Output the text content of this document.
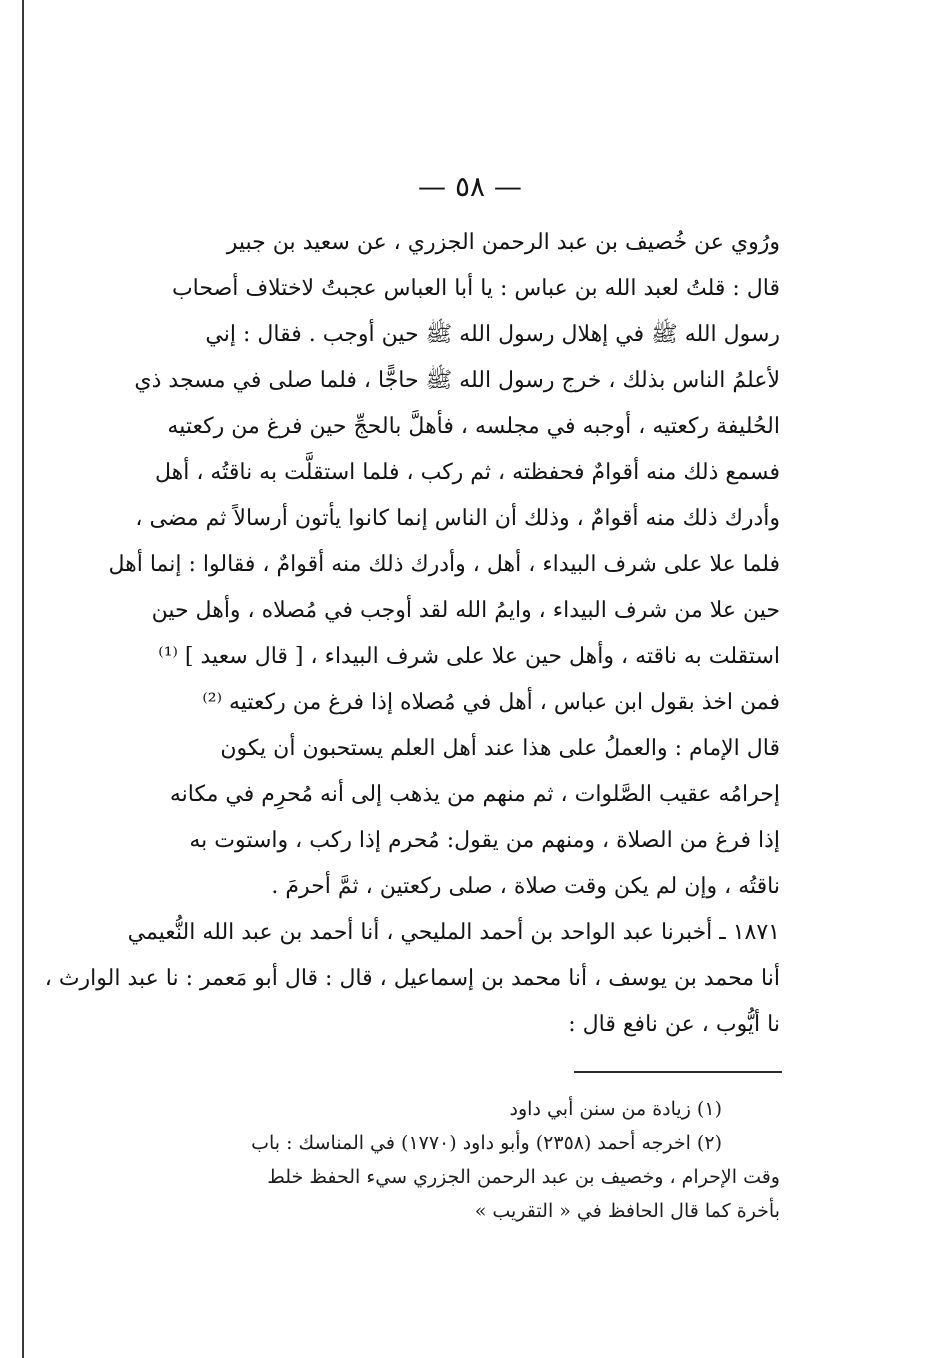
— ٥٨ —
ورُوي عن خُصيف بن عبد الرحمن الجزري ، عن سعيد بن جبير
قال : قلتُ لعبد الله بن عباس : يا أبا العباس عجبتُ لاختلاف أصحاب
رسول الله ﷺ في إهلال رسول الله ﷺ حين أوجب . فقال : إني
لأعلمُ الناس بذلك ، خرج رسول الله ﷺ حاجًّا ، فلما صلى في مسجد ذي
الحُليفة ركعتيه ، أوجبه في مجلسه ، فأهلَّ بالحجِّ حين فرغ من ركعتيه
فسمع ذلك منه أقوامٌ فحفظته ، ثم ركب ، فلما استقلَّت به ناقتُه ، أهل
وأدرك ذلك منه أقوامٌ ، وذلك أن الناس إنما كانوا يأتون أرسالاً ثم مضى ،
فلما علا على شرف البيداء ، أهل ، وأدرك ذلك منه أقوامٌ ، فقالوا : إنما أهل
حين علا من شرف البيداء ، وايمُ الله لقد أوجب في مُصلاه ، وأهل حين
استقلت به ناقته ، وأهل حين علا على شرف البيداء ، [ قال سعيد ] ⁽¹⁾
فمن اخذ بقول ابن عباس ، أهل في مُصلاه إذا فرغ من ركعتيه ⁽²⁾
قال الإمام : والعملُ على هذا عند أهل العلم يستحبون أن يكون
إحرامُه عقيب الصَّلوات ، ثم منهم من يذهب إلى أنه مُحرِم في مكانه
إذا فرغ من الصلاة ، ومنهم من يقول: مُحرم إذا ركب ، واستوت به
ناقتُه ، وإن لم يكن وقت صلاة ، صلى ركعتين ، ثمَّ أحرمَ .
١٨٧١ ـ أخبرنا عبد الواحد بن أحمد المليحي ، أنا أحمد بن عبد الله النُّعيمي
أنا محمد بن يوسف ، أنا محمد بن إسماعيل ، قال : قال أبو مَعمر : نا عبد الوارث ،
نا أيُّوب ، عن نافع قال :
(١) زيادة من سنن أبي داود
(٢) اخرجه أحمد (٢٣٥٨) وأبو داود (١٧٧٠) في المناسك : باب
وقت الإحرام ، وخصيف بن عبد الرحمن الجزري سيء الحفظ خلط
بأخرة كما قال الحافظ في « التقريب »
